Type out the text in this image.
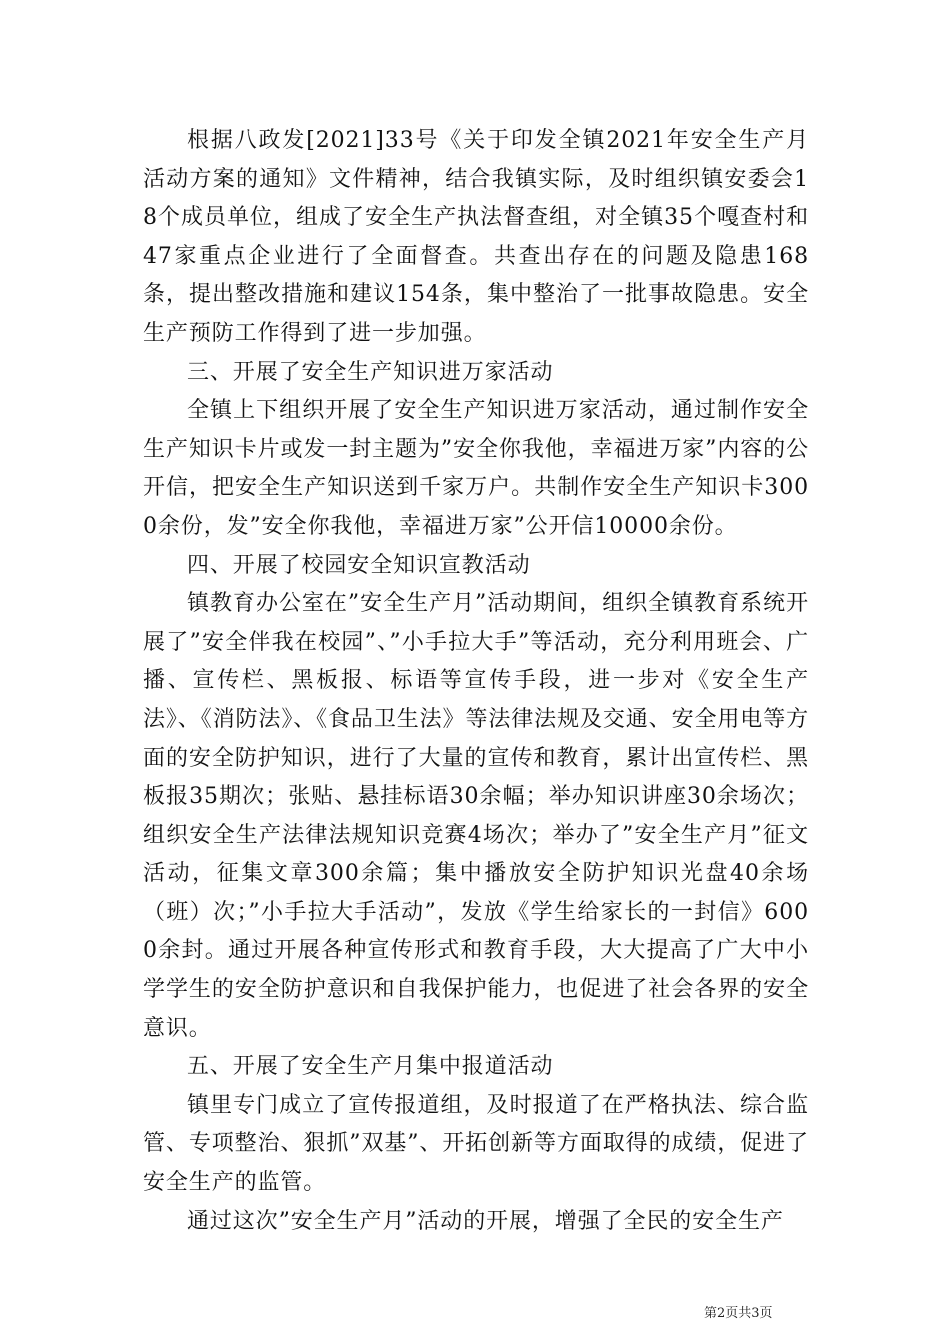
根据八政发[2021]33号《关于印发全镇2021年安全生产月活动方案的通知》文件精神，结合我镇实际，及时组织镇安委会18个成员单位，组成了安全生产执法督查组，对全镇35个嘎查村和47家重点企业进行了全面督查。共查出存在的问题及隐患168条，提出整改措施和建议154条，集中整治了一批事故隐患。安全生产预防工作得到了进一步加强。

三、开展了安全生产知识进万家活动

全镇上下组织开展了安全生产知识进万家活动，通过制作安全生产知识卡片或发一封主题为”安全你我他，幸福进万家”内容的公开信，把安全生产知识送到千家万户。共制作安全生产知识卡3000余份，发”安全你我他，幸福进万家”公开信10000余份。

四、开展了校园安全知识宣教活动

镇教育办公室在”安全生产月”活动期间，组织全镇教育系统开展了”安全伴我在校园”、”小手拉大手”等活动，充分利用班会、广播、宣传栏、黑板报、标语等宣传手段，进一步对《安全生产法》、《消防法》、《食品卫生法》等法律法规及交通、安全用电等方面的安全防护知识，进行了大量的宣传和教育，累计出宣传栏、黑板报35期次；张贴、悬挂标语30余幅；举办知识讲座30余场次；组织安全生产法律法规知识竞赛4场次；举办了”安全生产月”征文活动，征集文章300余篇；集中播放安全防护知识光盘40余场（班）次；”小手拉大手活动”，发放《学生给家长的一封信》6000余封。通过开展各种宣传形式和教育手段，大大提高了广大中小学学生的安全防护意识和自我保护能力，也促进了社会各界的安全意识。

五、开展了安全生产月集中报道活动

镇里专门成立了宣传报道组，及时报道了在严格执法、综合监管、专项整治、狠抓”双基”、开拓创新等方面取得的成绩，促进了安全生产的监管。

通过这次”安全生产月”活动的开展，增强了全民的安全生产

第2页共3页
